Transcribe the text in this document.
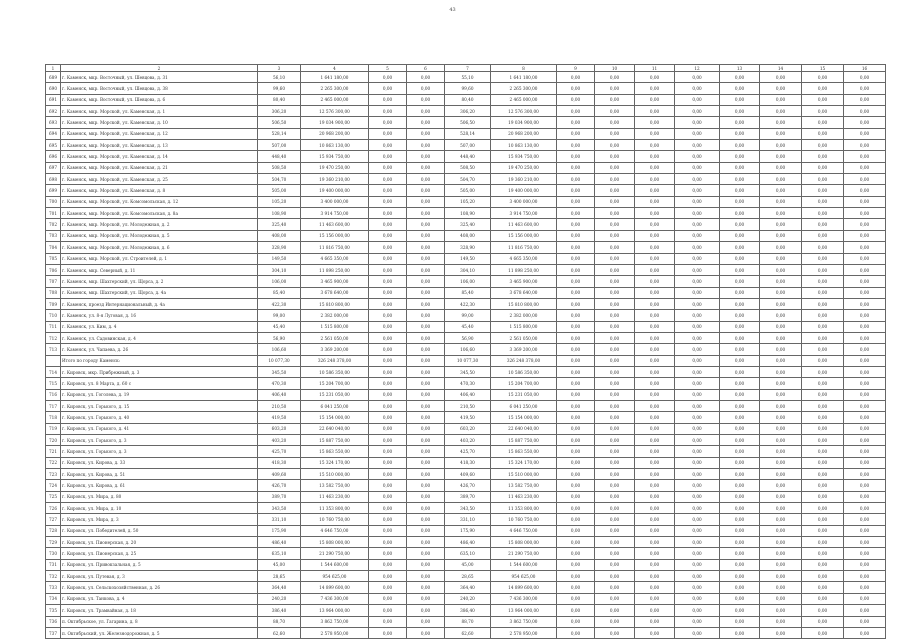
43
1	2	3	4	5	6	7	8	9	10	11	12	13	14	15	16
689	г. Каменск, мкр. Восточный, ул. Шевцова, д. 31	56,10	1 641 180,00	0,00	0,00	55,10	1 641 180,00	0,00	0,00	0,00	0,00	0,00	0,00	0,00	0,00
690	г. Каменск, мкр. Восточный, ул. Шевцова, д. 38	99,60	2 265 300,00	0,00	0,00	99,60	2 265 300,00	0,00	0,00	0,00	0,00	0,00	0,00	0,00	0,00
691	г. Каменск, мкр. Восточный, ул. Шевцова, д. 6	80,40	2 465 000,00	0,00	0,00	80,40	2 465 000,00	0,00	0,00	0,00	0,00	0,00	0,00	0,00	0,00
692	г. Каменск, мкр. Морской, ул. Каменская, д. 1	306,20	12 576 300,00	0,00	0,00	306,20	12 576 300,00	0,00	0,00	0,00	0,00	0,00	0,00	0,00	0,00
693	г. Каменск, мкр. Морской, ул. Каменская, д. 10	506,50	19 034 900,00	0,00	0,00	506,50	19 034 900,00	0,00	0,00	0,00	0,00	0,00	0,00	0,00	0,00
694	г. Каменск, мкр. Морской, ул. Каменская, д. 12	528,14	20 968 200,00	0,00	0,00	528,14	20 968 200,00	0,00	0,00	0,00	0,00	0,00	0,00	0,00	0,00
695	г. Каменск, мкр. Морской, ул. Каменская, д. 13	507,00	10 863 130,00	0,00	0,00	507,00	10 863 130,00	0,00	0,00	0,00	0,00	0,00	0,00	0,00	0,00
696	г. Каменск, мкр. Морской, ул. Каменская, д. 14	448,40	15 934 750,00	0,00	0,00	448,40	15 934 750,00	0,00	0,00	0,00	0,00	0,00	0,00	0,00	0,00
697	г. Каменск, мкр. Морской, ул. Каменская, д. 21	508,50	19 470 250,00	0,00	0,00	508,50	19 470 250,00	0,00	0,00	0,00	0,00	0,00	0,00	0,00	0,00
698	г. Каменск, мкр. Морской, ул. Каменская, д. 25	504,70	19 360 210,00	0,00	0,00	504,70	19 360 210,00	0,00	0,00	0,00	0,00	0,00	0,00	0,00	0,00
699	г. Каменск, мкр. Морской, ул. Каменская, д. 8	505,00	19 400 000,00	0,00	0,00	505,00	19 400 000,00	0,00	0,00	0,00	0,00	0,00	0,00	0,00	0,00
700	г. Каменск, мкр. Морской, ул. Комсомольская, д. 12	105,20	3 400 000,00	0,00	0,00	105,20	3 400 000,00	0,00	0,00	0,00	0,00	0,00	0,00	0,00	0,00
701	г. Каменск, мкр. Морской, ул. Комсомольская, д. 8а	108,90	3 914 750,00	0,00	0,00	108,90	3 914 750,00	0,00	0,00	0,00	0,00	0,00	0,00	0,00	0,00
702	г. Каменск, мкр. Морской, ул. Молодежная, д. 2	325,40	11 463 600,00	0,00	0,00	325,40	11 463 600,00	0,00	0,00	0,00	0,00	0,00	0,00	0,00	0,00
703	г. Каменск, мкр. Морской, ул. Молодежная, д. 5	408,00	15 156 000,00	0,00	0,00	408,00	15 156 000,00	0,00	0,00	0,00	0,00	0,00	0,00	0,00	0,00
704	г. Каменск, мкр. Морской, ул. Молодежная, д. 6	328,90	11 816 750,00	0,00	0,00	328,90	11 816 750,00	0,00	0,00	0,00	0,00	0,00	0,00	0,00	0,00
705	г. Каменск, мкр. Морской, ул. Строителей, д. 1	149,50	4 665 350,00	0,00	0,00	149,50	4 665 350,00	0,00	0,00	0,00	0,00	0,00	0,00	0,00	0,00
706	г. Каменск, мкр. Северный, д. 11	304,10	11 898 250,00	0,00	0,00	304,10	11 898 250,00	0,00	0,00	0,00	0,00	0,00	0,00	0,00	0,00
707	г. Каменск, мкр. Шахтерский, ул. Щорса, д. 2	106,00	3 465 900,00	0,00	0,00	106,00	3 465 900,00	0,00	0,00	0,00	0,00	0,00	0,00	0,00	0,00
708	г. Каменск, мкр. Шахтерский, ул. Щорса, д. 4а	85,40	3 678 640,00	0,00	0,00	85,40	3 678 640,00	0,00	0,00	0,00	0,00	0,00	0,00	0,00	0,00
709	г. Каменск, проезд Интернациональный, д. 4а	422,30	15 810 800,00	0,00	0,00	422,30	15 810 800,00	0,00	0,00	0,00	0,00	0,00	0,00	0,00	0,00
710	г. Каменск, ул. 8-я Луговая, д. 16	99,00	2 382 000,00	0,00	0,00	99,00	2 382 000,00	0,00	0,00	0,00	0,00	0,00	0,00	0,00	0,00
711	г. Каменск, ул. Ким, д. 4	45,40	1 515 800,00	0,00	0,00	45,40	1 515 800,00	0,00	0,00	0,00	0,00	0,00	0,00	0,00	0,00
712	г. Каменск, ул. Садовинская, д. 4	56,90	2 561 050,00	0,00	0,00	56,90	2 561 050,00	0,00	0,00	0,00	0,00	0,00	0,00	0,00	0,00
713	г. Каменск, ул. Чапаева, д. 26	106,60	3 369 200,00	0,00	0,00	106,60	3 369 200,00	0,00	0,00	0,00	0,00	0,00	0,00	0,00	0,00
	Итого по городу Каменск:	10 077,30	326 248 378,00	0,00	0,00	10 077,30	326 248 378,00	0,00	0,00	0,00	0,00	0,00	0,00	0,00	0,00
714	г. Кировск, мкр. Прибрежный, д. 3	345,50	10 586 350,00	0,00	0,00	345,50	10 586 350,00	0,00	0,00	0,00	0,00	0,00	0,00	0,00	0,00
715	г. Кировск, ул. 8 Марта, д. 60 с	470,30	15 204 700,00	0,00	0,00	470,30	15 204 700,00	0,00	0,00	0,00	0,00	0,00	0,00	0,00	0,00
716	г. Кировск, ул. Гоголева, д. 19	406,40	15 231 050,00	0,00	0,00	406,40	15 231 050,00	0,00	0,00	0,00	0,00	0,00	0,00	0,00	0,00
717	г. Кировск, ул. Горького, д. 15	210,50	6 041 250,00	0,00	0,00	210,50	6 041 250,00	0,00	0,00	0,00	0,00	0,00	0,00	0,00	0,00
718	г. Кировск, ул. Горького, д. 40	419,50	15 154 000,00	0,00	0,00	419,50	15 154 000,00	0,00	0,00	0,00	0,00	0,00	0,00	0,00	0,00
719	г. Кировск, ул. Горького, д. 41	603,20	22 640 040,00	0,00	0,00	603,20	22 640 040,00	0,00	0,00	0,00	0,00	0,00	0,00	0,00	0,00
720	г. Кировск, ул. Горького, д. 3	403,20	15 887 750,00	0,00	0,00	403,20	15 887 750,00	0,00	0,00	0,00	0,00	0,00	0,00	0,00	0,00
721	г. Кировск, ул. Горького, д. 3	425,70	15 863 550,00	0,00	0,00	425,70	15 863 550,00	0,00	0,00	0,00	0,00	0,00	0,00	0,00	0,00
722	г. Кировск, ул. Кирова, д. 33	418,30	15 324 170,00	0,00	0,00	418,30	15 324 170,00	0,00	0,00	0,00	0,00	0,00	0,00	0,00	0,00
723	г. Кировск, ул. Кирова, д. 51	409,60	15 510 000,00	0,00	0,00	409,60	15 510 000,00	0,00	0,00	0,00	0,00	0,00	0,00	0,00	0,00
724	г. Кировск, ул. Кирова, д. 61	426,70	13 582 750,00	0,00	0,00	426,70	13 582 750,00	0,00	0,00	0,00	0,00	0,00	0,00	0,00	0,00
725	г. Кировск, ул. Мира, д. 80	389,70	11 463 230,00	0,00	0,00	389,70	11 463 230,00	0,00	0,00	0,00	0,00	0,00	0,00	0,00	0,00
726	г. Кировск, ул. Мира, д. 10	343,50	11 353 800,00	0,00	0,00	343,50	11 353 800,00	0,00	0,00	0,00	0,00	0,00	0,00	0,00	0,00
727	г. Кировск, ул. Мира, д. 3	331,10	10 760 750,00	0,00	0,00	331,10	10 760 750,00	0,00	0,00	0,00	0,00	0,00	0,00	0,00	0,00
728	г. Кировск, ул. Победителей, д. 50	175,90	4 646 750,00	0,00	0,00	175,90	4 646 750,00	0,00	0,00	0,00	0,00	0,00	0,00	0,00	0,00
729	г. Кировск, ул. Пионерская, д. 20	486,40	15 808 000,00	0,00	0,00	486,40	15 808 000,00	0,00	0,00	0,00	0,00	0,00	0,00	0,00	0,00
730	г. Кировск, ул. Пионерская, д. 25	635,10	21 290 750,00	0,00	0,00	635,10	21 290 750,00	0,00	0,00	0,00	0,00	0,00	0,00	0,00	0,00
731	г. Кировск, ул. Привокзальная, д. 5	45,00	1 544 600,00	0,00	0,00	45,00	1 544 600,00	0,00	0,00	0,00	0,00	0,00	0,00	0,00	0,00
732	г. Кировск, ул. Путевая, д. 3	28,65	954 625,00	0,00	0,00	28,65	954 625,00	0,00	0,00	0,00	0,00	0,00	0,00	0,00	0,00
733	г. Кировск, ул. Сельскохозяйственная, д. 26	364,40	14 899 600,00	0,00	0,00	364,40	14 899 600,00	0,00	0,00	0,00	0,00	0,00	0,00	0,00	0,00
734	г. Кировск, ул. Танкова, д. 4	240,20	7 436 300,00	0,00	0,00	240,20	7 436 300,00	0,00	0,00	0,00	0,00	0,00	0,00	0,00	0,00
735	г. Кировск, ул. Трамвайная, д. 18	386,40	13 964 000,00	0,00	0,00	386,40	13 964 000,00	0,00	0,00	0,00	0,00	0,00	0,00	0,00	0,00
736	п. Октябрьское, ул. Гагарина, д. 8	88,70	3 862 750,00	0,00	0,00	88,70	3 862 750,00	0,00	0,00	0,00	0,00	0,00	0,00	0,00	0,00
737	п. Октябрьский, ул. Железнодорожная, д. 5	62,60	2 578 950,00	0,00	0,00	62,60	2 578 950,00	0,00	0,00	0,00	0,00	0,00	0,00	0,00	0,00
